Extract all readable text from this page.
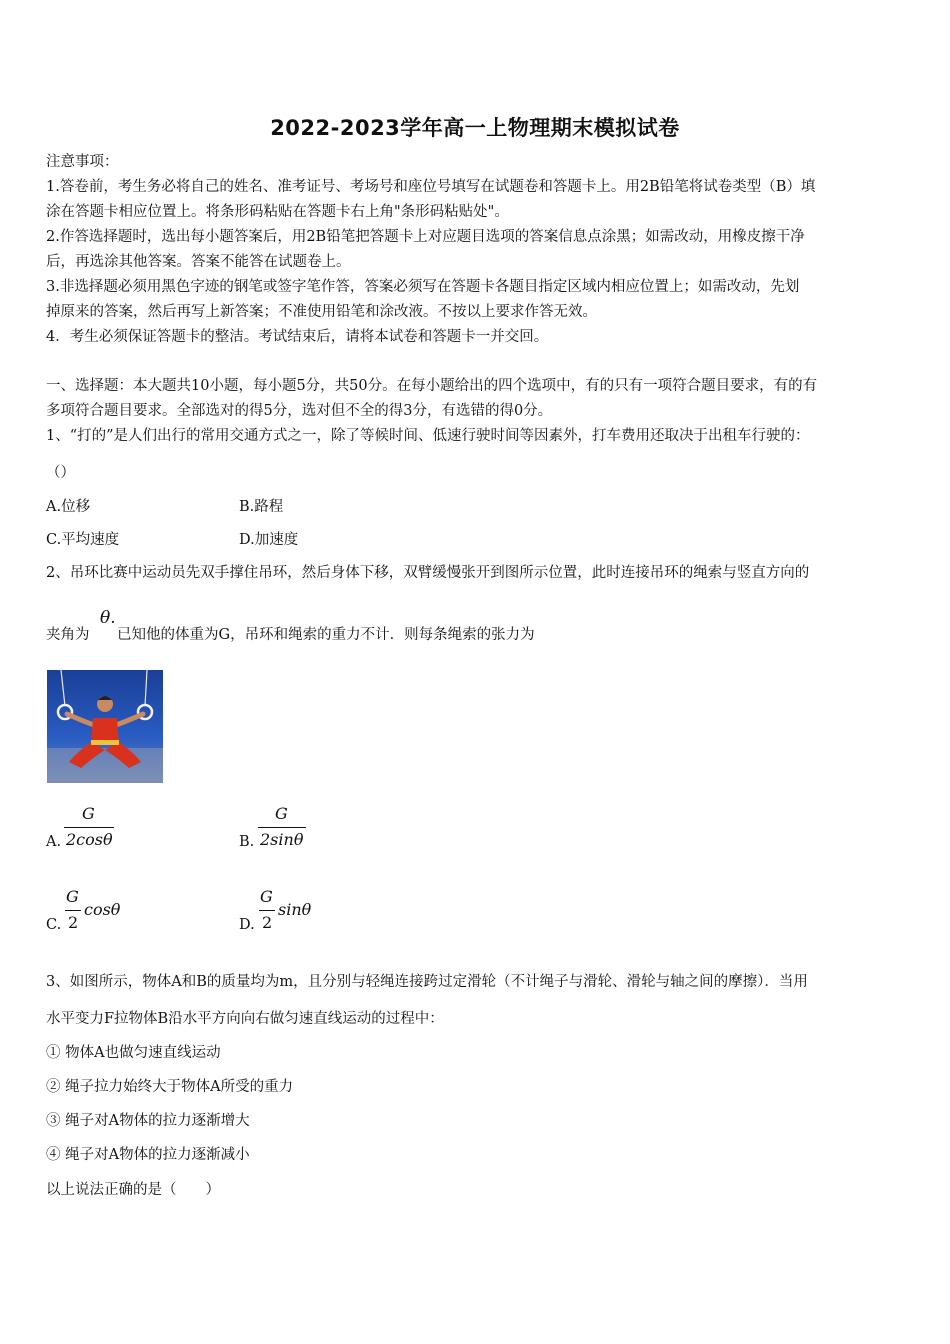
2022-2023学年高一上物理期末模拟试卷
注意事项：
1.答卷前，考生务必将自己的姓名、准考证号、考场号和座位号填写在试题卷和答题卡上。用2B铅笔将试卷类型（B）填
涂在答题卡相应位置上。将条形码粘贴在答题卡右上角"条形码粘贴处"。
2.作答选择题时，选出每小题答案后，用2B铅笔把答题卡上对应题目选项的答案信息点涂黑；如需改动，用橡皮擦干净
后，再选涂其他答案。答案不能答在试题卷上。
3.非选择题必须用黑色字迹的钢笔或签字笔作答，答案必须写在答题卡各题目指定区域内相应位置上；如需改动，先划
掉原来的答案，然后再写上新答案；不准使用铅笔和涂改液。不按以上要求作答无效。
4．考生必须保证答题卡的整洁。考试结束后，请将本试卷和答题卡一并交回。
一、选择题：本大题共10小题，每小题5分，共50分。在每小题给出的四个选项中，有的只有一项符合题目要求，有的有
多项符合题目要求。全部选对的得5分，选对但不全的得3分，有选错的得0分。
1、“打的”是人们出行的常用交通方式之一，除了等候时间、低速行驶时间等因素外，打车费用还取决于出租车行驶的：
（）
A.位移	B.路程
C.平均速度	D.加速度
2、吊环比赛中运动员先双手撑住吊环，然后身体下移，双臂缓慢张开到图所示位置，此时连接吊环的绳索与竖直方向的
夹角为
θ.
已知他的体重为G，吊环和绳索的重力不计．则每条绳索的张力为
A.
G
2cosθ	B.
G
2sinθ
C.
G
2
cosθ
D.
G
2
sinθ
3、如图所示，物体A和B的质量均为m，且分别与轻绳连接跨过定滑轮（不计绳子与滑轮、滑轮与轴之间的摩擦）．当用
水平变力F拉物体B沿水平方向向右做匀速直线运动的过程中：
① 物体A也做匀速直线运动
② 绳子拉力始终大于物体A所受的重力
③ 绳子对A物体的拉力逐渐增大
④ 绳子对A物体的拉力逐渐减小
以上说法正确的是（　　）
